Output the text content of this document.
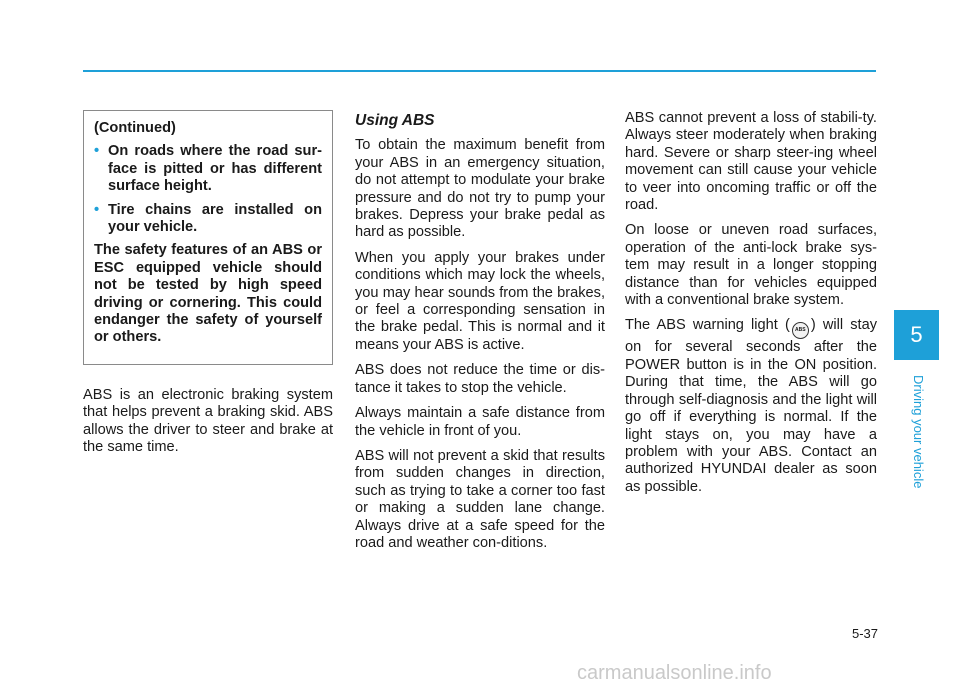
(Continued)

• On roads where the road sur-face is pitted or has different surface height.
• Tire chains are installed on your vehicle.

The safety features of an ABS or ESC equipped vehicle should not be tested by high speed driving or cornering. This could endanger the safety of yourself or others.

ABS is an electronic braking system that helps prevent a braking skid. ABS allows the driver to steer and brake at the same time.

Using ABS

To obtain the maximum benefit from your ABS in an emergency situation, do not attempt to modulate your brake pressure and do not try to pump your brakes. Depress your brake pedal as hard as possible.

When you apply your brakes under conditions which may lock the wheels, you may hear sounds from the brakes, or feel a corresponding sensation in the brake pedal. This is normal and it means your ABS is active.

ABS does not reduce the time or dis-tance it takes to stop the vehicle.

Always maintain a safe distance from the vehicle in front of you.

ABS will not prevent a skid that results from sudden changes in direction, such as trying to take a corner too fast or making a sudden lane change. Always drive at a safe speed for the road and weather con-ditions.

ABS cannot prevent a loss of stabili-ty. Always steer moderately when braking hard. Severe or sharp steer-ing wheel movement can still cause your vehicle to veer into oncoming traffic or off the road.

On loose or uneven road surfaces, operation of the anti-lock brake sys-tem may result in a longer stopping distance than for vehicles equipped with a conventional brake system.

The ABS warning light ( ABS ) will stay on for several seconds after the POWER button is in the ON position. During that time, the ABS will go through self-diagnosis and the light will go off if everything is normal. If the light stays on, you may have a problem with your ABS. Contact an authorized HYUNDAI dealer as soon as possible.

5
Driving your vehicle
5-37
carmanualsonline.info
